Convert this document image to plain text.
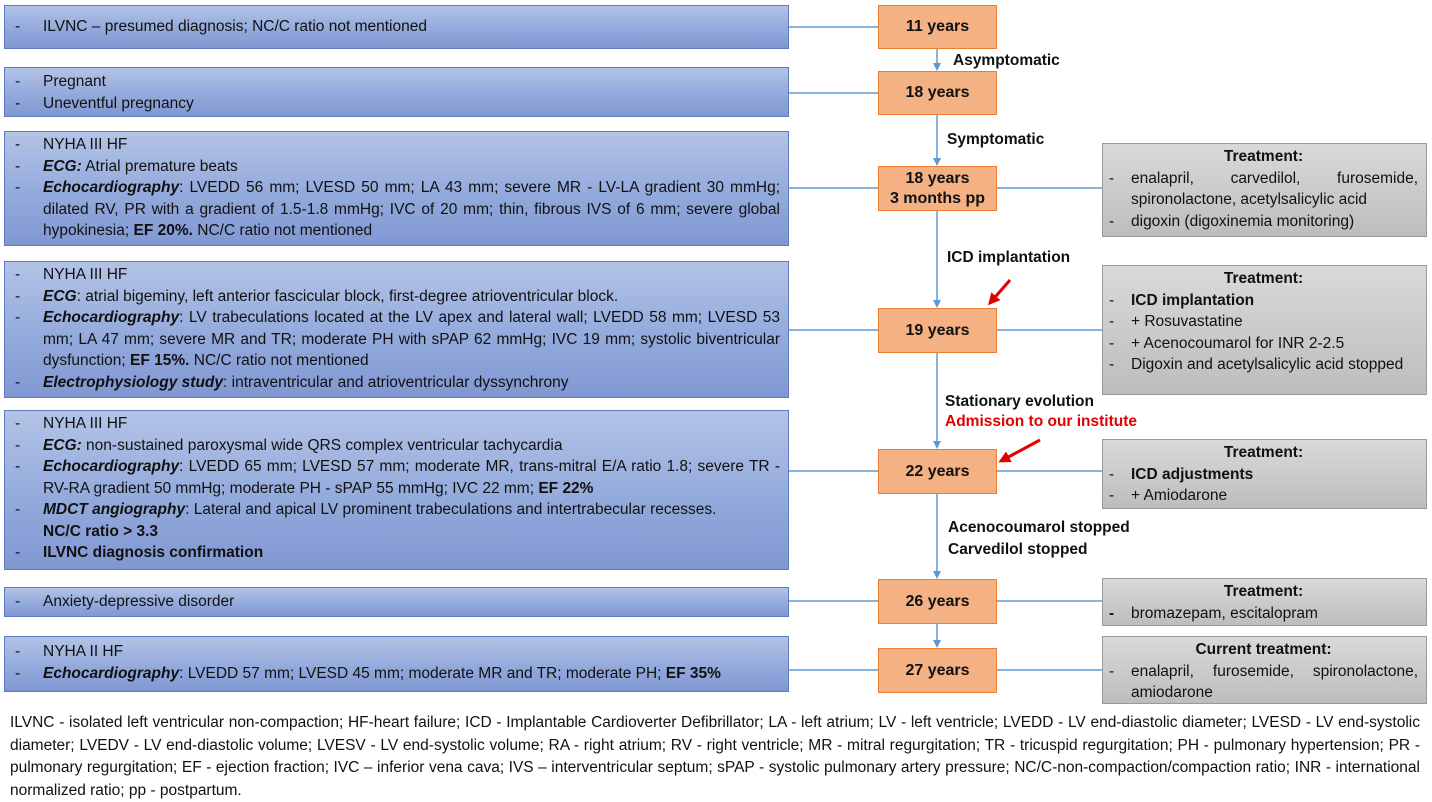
-	ILVNC – presumed diagnosis; NC/C ratio not mentioned
-	Pregnant
-	Uneventful pregnancy
-	NYHA III HF
-	ECG: Atrial premature beats
-	Echocardiography: LVEDD 56 mm; LVESD 50 mm; LA 43 mm; severe MR - LV-LA gradient 30 mmHg; dilated RV, PR with a gradient of 1.5-1.8 mmHg; IVC of 20 mm; thin, fibrous IVS of 6 mm; severe global hypokinesia; EF 20%. NC/C ratio not mentioned
-	NYHA III HF
-	ECG: atrial bigeminy, left anterior fascicular block, first-degree atrioventricular block.
-	Echocardiography: LV trabeculations located at the LV apex and lateral wall; LVEDD 58 mm; LVESD 53 mm; LA 47 mm; severe MR and TR; moderate PH with sPAP 62 mmHg; IVC 19 mm; systolic biventricular dysfunction; EF 15%. NC/C ratio not mentioned
-	Electrophysiology study: intraventricular and atrioventricular dyssynchrony
-	NYHA III HF
-	ECG: non-sustained paroxysmal wide QRS complex ventricular tachycardia
-	Echocardiography: LVEDD 65 mm; LVESD 57 mm; moderate MR, trans-mitral E/A ratio 1.8; severe TR - RV-RA gradient 50 mmHg; moderate PH - sPAP 55 mmHg; IVC 22 mm; EF 22%
-	MDCT angiography: Lateral and apical LV prominent trabeculations and intertrabecular recesses.
NC/C ratio > 3.3
-	ILVNC diagnosis confirmation
-	Anxiety-depressive disorder
-	NYHA II HF
-	Echocardiography: LVEDD 57 mm; LVESD 45 mm; moderate MR and TR; moderate PH; EF 35%
11 years
18 years
18 years
3 months pp
19 years
22 years
26 years
27 years
Asymptomatic
Symptomatic
ICD implantation
Stationary evolution
Admission to our institute
Acenocoumarol stopped
Carvedilol stopped
Treatment:
-	enalapril, carvedilol, furosemide, spironolactone, acetylsalicylic acid
-	digoxin (digoxinemia monitoring)
Treatment:
-	ICD implantation
-	+ Rosuvastatine
-	+ Acenocoumarol for INR 2-2.5
-	Digoxin and acetylsalicylic acid stopped
Treatment:
-	ICD adjustments
-	+ Amiodarone
Treatment:
-	bromazepam, escitalopram
Current treatment:
-	enalapril, furosemide, spironolactone, amiodarone
ILVNC - isolated left ventricular non-compaction; HF-heart failure; ICD - Implantable Cardioverter Defibrillator; LA - left atrium; LV - left ventricle; LVEDD - LV end-diastolic diameter; LVESD - LV end-systolic diameter; LVEDV - LV end-diastolic volume; LVESV - LV end-systolic volume; RA - right atrium; RV - right ventricle; MR - mitral regurgitation; TR - tricuspid regurgitation; PH - pulmonary hypertension; PR - pulmonary regurgitation; EF - ejection fraction; IVC – inferior vena cava; IVS – interventricular septum; sPAP - systolic pulmonary artery pressure; NC/C-non-compaction/compaction ratio; INR - international normalized ratio; pp - postpartum.
